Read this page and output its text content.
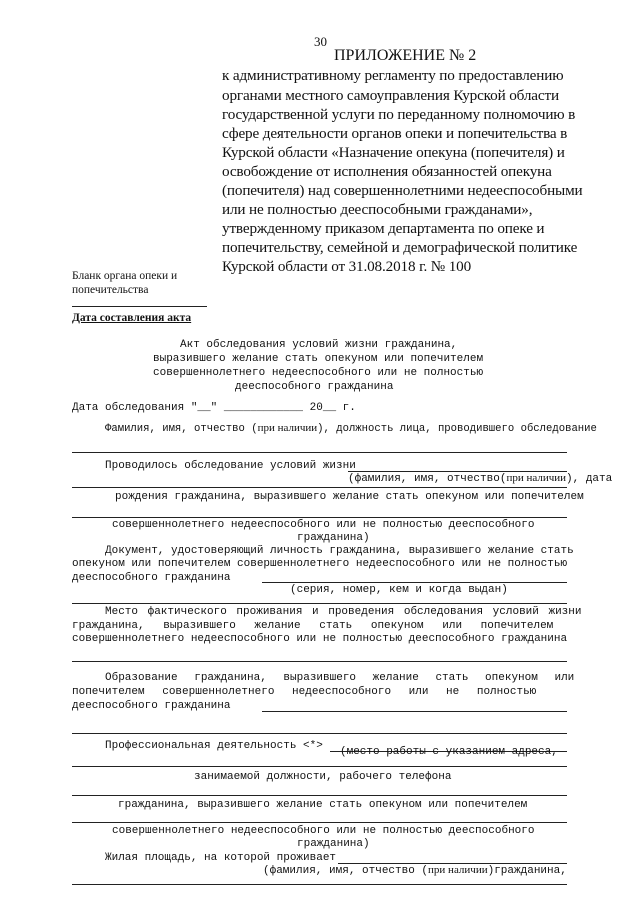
30
ПРИЛОЖЕНИЕ № 2
к административному регламенту по предоставлению
органами местного самоуправления Курской области
государственной услуги по переданному полномочию в
сфере деятельности органов опеки и попечительства в
Курской области «Назначение опекуна (попечителя) и
освобождение от исполнения обязанностей опекуна
(попечителя) над совершеннолетними недееспособными
или не полностью дееспособными гражданами»,
утвержденному приказом департамента по опеке и
попечительству, семейной и демографической политике
Курской области от 31.08.2018 г. № 100
Бланк органа опеки и
попечительства
Дата составления акта
Акт обследования условий жизни гражданина,
выразившего желание стать опекуном или попечителем
совершеннолетнего недееспособного или не полностью
дееспособного гражданина
Дата обследования "__" ____________ 20__ г.
Фамилия, имя, отчество (при наличии), должность лица, проводившего обследование
Проводилось обследование условий жизни
(фамилия, имя, отчество(при наличии), дата
рождения гражданина, выразившего желание стать опекуном или попечителем
совершеннолетнего недееспособного или не полностью дееспособного
гражданина)
Документ, удостоверяющий личность гражданина, выразившего желание стать
опекуном или попечителем совершеннолетнего недееспособного или не полностью
дееспособного гражданина
(серия, номер, кем и когда выдан)
Место фактического проживания и проведения обследования условий жизни
гражданина, выразившего желание стать опекуном или попечителем
совершеннолетнего недееспособного или не полностью дееспособного гражданина
Образование гражданина, выразившего желание стать опекуном или
попечителем совершеннолетнего недееспособного или не полностью
дееспособного гражданина
Профессиональная деятельность <*> (место работы с указанием адреса,
занимаемой должности, рабочего телефона
гражданина, выразившего желание стать опекуном или попечителем
совершеннолетнего недееспособного или не полностью дееспособного
гражданина)
Жилая площадь, на которой проживает
(фамилия, имя, отчество (при наличии)гражданина,
